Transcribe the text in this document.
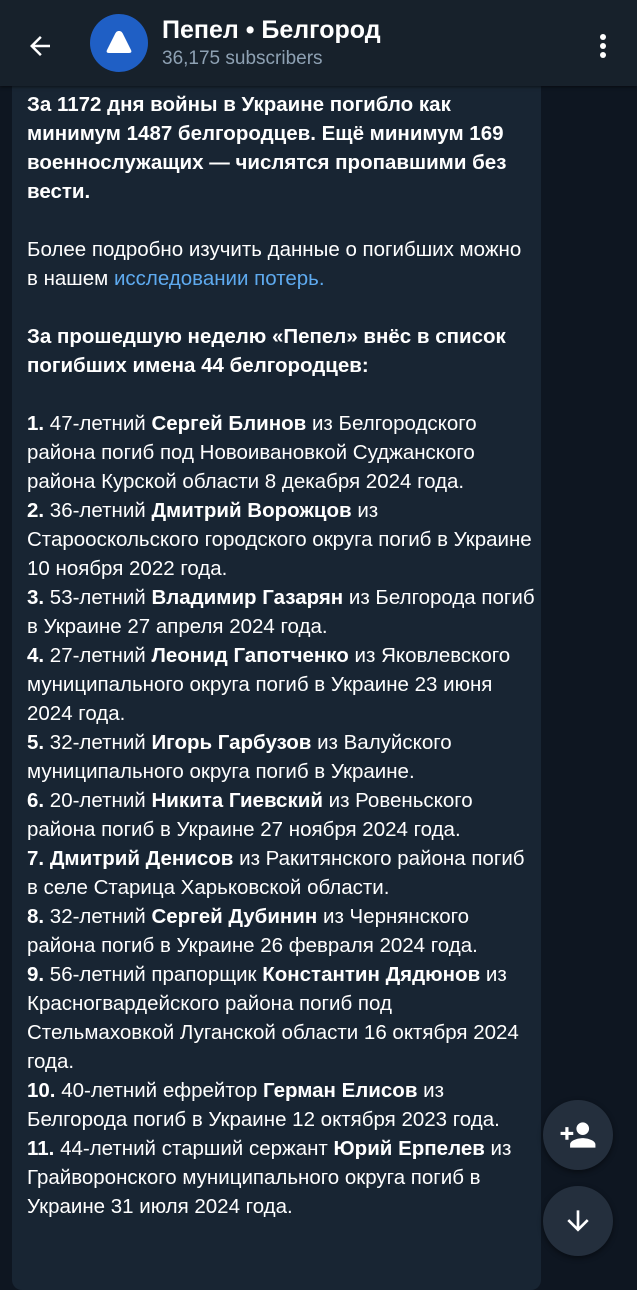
Пепел • Белгород
36,175 subscribers

За 1172 дня войны в Украине погибло как минимум 1487 белгородцев. Ещё минимум 169 военнослужащих — числятся пропавшими без вести.

Более подробно изучить данные о погибших можно в нашем исследовании потерь.

За прошедшую неделю «Пепел» внёс в список погибших имена 44 белгородцев:

1. 47-летний Сергей Блинов из Белгородского района погиб под Новоивановкой Суджанского района Курской области 8 декабря 2024 года.

2. 36-летний Дмитрий Ворожцов из Старооскольского городского округа погиб в Украине 10 ноября 2022 года.

3. 53-летний Владимир Газарян из Белгорода погиб в Украине 27 апреля 2024 года.

4. 27-летний Леонид Гапотченко из Яковлевского муниципального округа погиб в Украине 23 июня 2024 года.

5. 32-летний Игорь Гарбузов из Валуйского муниципального округа погиб в Украине.

6. 20-летний Никита Гиевский из Ровеньского района погиб в Украине 27 ноября 2024 года.

7. Дмитрий Денисов из Ракитянского района погиб в селе Старица Харьковской области.

8. 32-летний Сергей Дубинин из Чернянского района погиб в Украине 26 февраля 2024 года.

9. 56-летний прапорщик Константин Дядюнов из Красногвардейского района погиб под Стельмаховкой Луганской области 16 октября 2024 года.

10. 40-летний ефрейтор Герман Елисов из Белгорода погиб в Украине 12 октября 2023 года.

11. 44-летний старший сержант Юрий Ерпелев из Грайворонского муниципального округа погиб в Украине 31 июля 2024 года.
